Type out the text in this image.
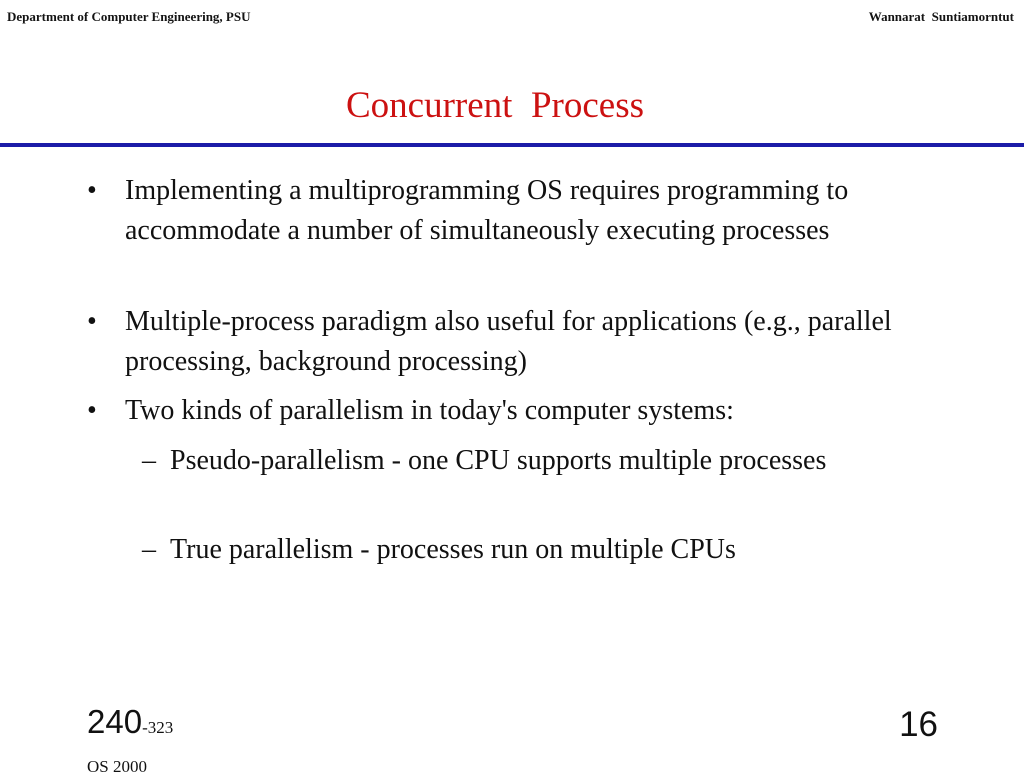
Department of Computer Engineering, PSU	Wannarat  Suntiamorntut
Concurrent  Process
• Implementing a multiprogramming OS requires programming to accommodate a number of simultaneously executing processes
• Multiple-process paradigm also useful for applications (e.g., parallel processing, background processing)
• Two kinds of parallelism in today's computer systems:
– Pseudo-parallelism - one CPU supports multiple processes
– True parallelism - processes run on multiple CPUs
240-323
OS 2000
16
